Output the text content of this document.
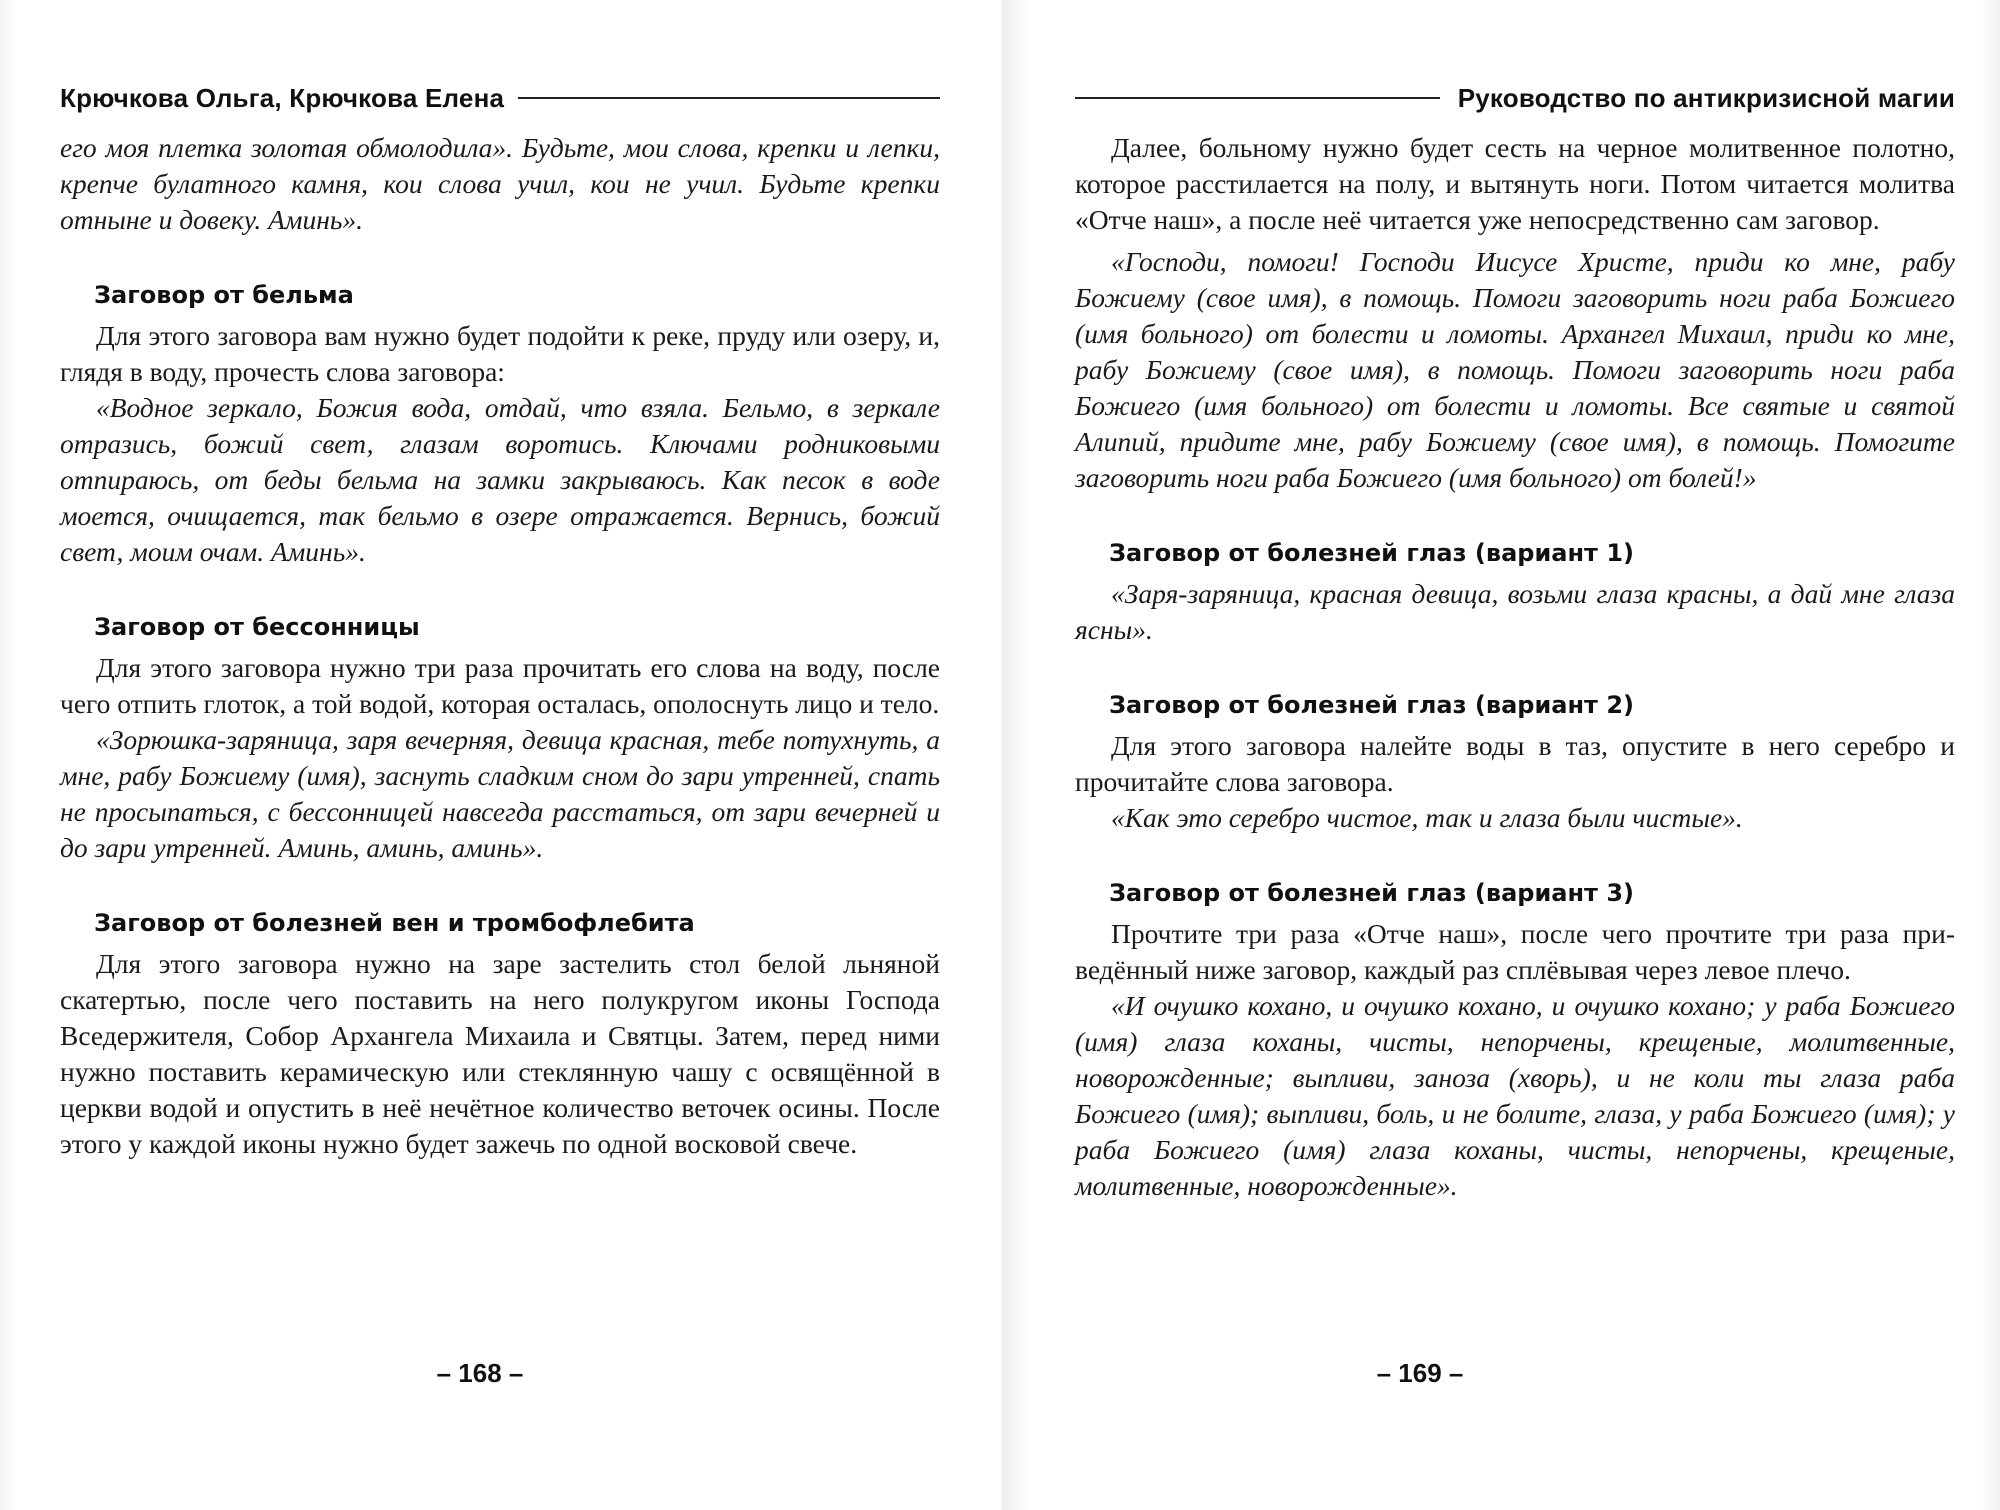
Крючкова Ольга, Крючкова Елена

его моя плетка золотая обмолодила». Будьте, мои слова, крепки и лепки, крепче булатного камня, кои слова учил, кои не учил. Будьте крепки отныне и довеку. Аминь».

Заговор от бельма

Для этого заговора вам нужно будет подойти к реке, пруду или озеру, и, глядя в воду, прочесть слова заговора:

«Водное зеркало, Божия вода, отдай, что взяла. Бельмо, в зеркале отразись, божий свет, глазам воротись. Ключами родниковыми отпираюсь, от беды бельма на замки закрываюсь. Как песок в воде моется, очищается, так бельмо в озере отражается. Вернись, божий свет, моим очам. Аминь».

Заговор от бессонницы

Для этого заговора нужно три раза прочитать его слова на воду, после чего отпить глоток, а той водой, которая осталась, ополоснуть лицо и тело.

«Зорюшка-заряница, заря вечерняя, девица красная, тебе потухнуть, а мне, рабу Божиему (имя), заснуть сладким сном до зари утренней, спать не просыпаться, с бессонницей навсегда расстаться, от зари вечерней и до зари утренней. Аминь, аминь, аминь».

Заговор от болезней вен и тромбофлебита

Для этого заговора нужно на заре застелить стол белой льняной скатертью, после чего поставить на него полукругом иконы Господа Вседержителя, Собор Архангела Михаила и Святцы. Затем, перед ними нужно поставить керамическую или стеклянную чашу с освящённой в церкви водой и опустить в неё нечётное количество веточек осины. После этого у каждой иконы нужно будет зажечь по одной восковой свече.

– 168 –
Руководство по антикризисной магии

Далее, больному нужно будет сесть на черное молитвенное полотно, которое расстилается на полу, и вытянуть ноги. Потом читается молитва «Отче наш», а после неё читается уже непосредственно сам заговор.

«Господи, помоги! Господи Иисусе Христе, приди ко мне, рабу Божиему (свое имя), в помощь. Помоги заговорить ноги раба Божиего (имя больного) от болести и ломоты. Архангел Михаил, приди ко мне, рабу Божиему (свое имя), в помощь. Помоги заговорить ноги раба Божиего (имя больного) от болести и ломоты. Все святые и святой Алипий, придите мне, рабу Божиему (свое имя), в помощь. Помогите заговорить ноги раба Божиего (имя больного) от болей!»

Заговор от болезней глаз (вариант 1)

«Заря-заряница, красная девица, возьми глаза красны, а дай мне глаза ясны».

Заговор от болезней глаз (вариант 2)

Для этого заговора налейте воды в таз, опустите в него серебро и прочитайте слова заговора.

«Как это серебро чистое, так и глаза были чистые».

Заговор от болезней глаз (вариант 3)

Прочтите три раза «Отче наш», после чего прочтите три раза приведённый ниже заговор, каждый раз сплёвывая через левое плечо.

«И очушко кохано, и очушко кохано, и очушко кохано; у раба Божиего (имя) глаза коханы, чисты, непорчены, крещеные, молитвенные, новорожденные; выпливи, заноза (хворь), и не коли ты глаза раба Божиего (имя); выпливи, боль, и не болите, глаза, у раба Божиего (имя); у раба Божиего (имя) глаза коханы, чисты, непорчены, крещеные, молитвенные, новорожденные».

– 169 –
